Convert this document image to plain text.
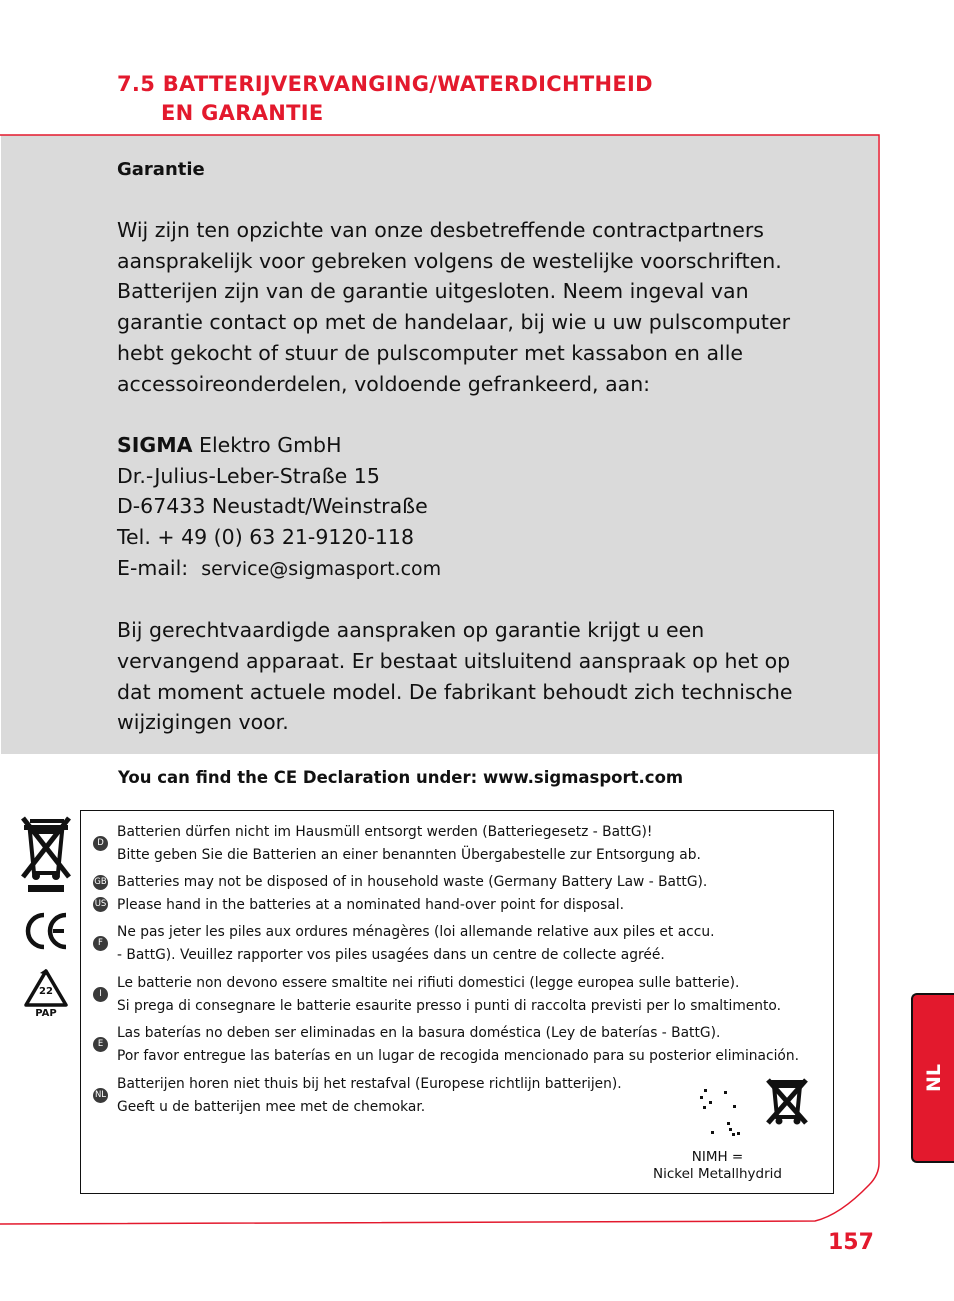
7.5 BATTERIJVERVANGING/WATERDICHTHEID
EN GARANTIE
Garantie

Wij zijn ten opzichte van onze desbetreffende contractpartners aansprakelijk voor gebreken volgens de westelijke voorschriften. Batterijen zijn van de garantie uitgesloten. Neem ingeval van garantie contact op met de handelaar, bij wie u uw pulscomputer hebt gekocht of stuur de pulscomputer met kassabon en alle accessoireonderdelen, voldoende gefrankeerd, aan:

SIGMA Elektro GmbH
Dr.-Julius-Leber-Straße 15
D-67433 Neustadt/Weinstraße
Tel. + 49 (0) 63 21-9120-118
E-mail:  service@sigmasport.com

Bij gerechtvaardigde aanspraken op garantie krijgt u een vervangend apparaat. Er bestaat uitsluitend aanspraak op het op dat moment actuele model. De fabrikant behoudt zich technische wijzigingen voor.

You can find the CE Declaration under: www.sigmasport.com

22
PAP
D
Batterien dürfen nicht im Hausmüll entsorgt werden (Batteriegesetz - BattG)!
Bitte geben Sie die Batterien an einer benannten Übergabestelle zur Entsorgung ab.
GB
US
Batteries may not be disposed of in household waste (Germany Battery Law - BattG).
Please hand in the batteries at a nominated hand-over point for disposal.
F
Ne pas jeter les piles aux ordures ménagères (loi allemande relative aux piles et accu.
- BattG). Veuillez rapporter vos piles usagées dans un centre de collecte agréé.
I
Le batterie non devono essere smaltite nei rifiuti domestici (legge europea sulle batterie).
Si prega di consegnare le batterie esaurite presso i punti di raccolta previsti per lo smaltimento.
E
Las baterías no deben ser eliminadas en la basura doméstica (Ley de baterías - BattG).
Por favor entregue las baterías en un lugar de recogida mencionado para su posterior eliminación.
NL
Batterijen horen niet thuis bij het restafval (Europese richtlijn batterijen).
Geeft u de batterijen mee met de chemokar.
NIMH =
Nickel Metallhydrid
NL
157
